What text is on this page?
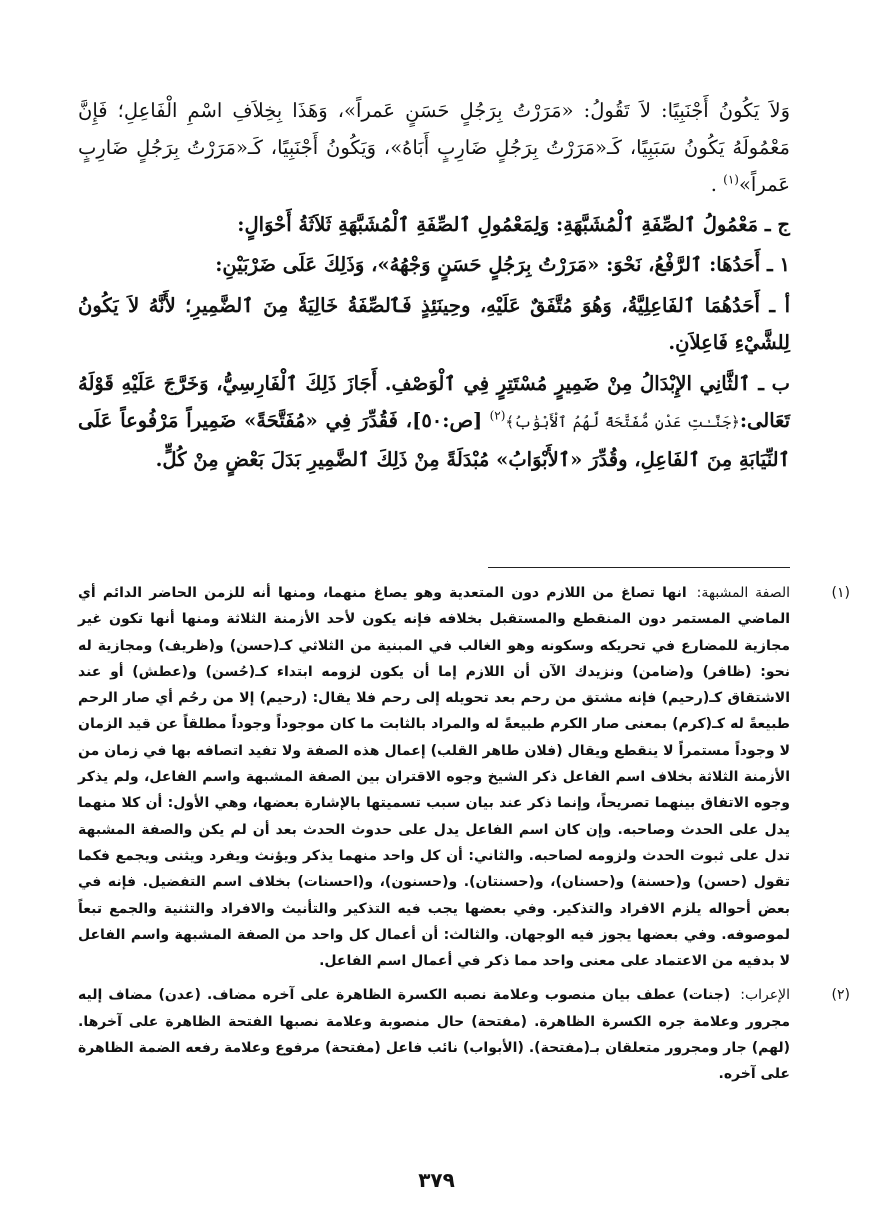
وَلاَ يَكُونُ أَجْنَبِيًا: لاَ تَقُولُ: «مَرَرْتُ بِرَجُلٍ حَسَنٍ عَمراً»، وَهَذَا بِخِلاَفِ اسْمِ الْفَاعِلِ؛ فَإِنَّ مَعْمُولَهُ يَكُونُ سَبَبِيًا، كَـ«مَرَرْتُ بِرَجُلٍ ضَارِبٍ أَبَاهُ»، وَيَكُونُ أَجْنَبِيًا، كَـ«مَرَرْتُ بِرَجُلٍ ضَارِبٍ عَمراً»$^{(١)}$ .

ج ـ مَعْمُولُ ٱلصِّفَةِ ٱلْمُشَبَّهَةِ: وَلِمَعْمُولِ ٱلصِّفَةِ ٱلْمُشَبَّهَةِ ثَلاَثَةُ أَحْوَالٍ:

١ ـ أَحَدُهَا: ٱلرَّفْعُ، نَحْوَ: «مَرَرْتُ بِرَجُلٍ حَسَنٍ وَجْهُهُ»، وَذَلِكَ عَلَى ضَرْبَيْنِ:

أ ـ أَحَدُهُمَا ٱلفَاعِلِيَّةُ، وَهُوَ مُتَّفَقٌ عَلَيْهِ، وحِينَئِذٍ فَٱلصِّفَةُ خَالِيَةٌ مِنَ ٱلضَّمِيرِ؛ لأَنَّهُ لاَ يَكُونُ لِلشَّيْءِ فَاعِلاَنِ.

ب ـ ٱلثَّانِي الإِبْدَالُ مِنْ ضَمِيرٍ مُسْتَتِرٍ فِي ٱلْوَصْفِ. أَجَازَ ذَلِكَ ٱلْفَارِسِيُّ، وَخَرَّجَ عَلَيْهِ قَوْلَهُ تَعَالى:﴿جَنَّـٰتِ عَدْنٍ مُّفَتَّحَةً لَّهُمُ ٱلْأَبْوَٰبُ﴾$^{(٢)}$ [ص:٥٠]، فَقُدِّرَ فِي «مُفَتَّحَةً» ضَمِيراً مَرْفُوعاً عَلَى ٱلنِّيَابَةِ مِنَ ٱلفَاعِلِ، وقُدِّرَ «ٱلأَبْوَابُ» مُبْدَلَةً مِنْ ذَلِكَ ٱلضَّمِيرِ بَدَلَ بَعْضٍ مِنْ كُلٍّ.

(١)
الصفة المشبهة:انها تصاغ من اللازم دون المتعدية وهو يصاغ منهما، ومنها أنه للزمن الحاضر الدائم أي الماضي المستمر دون المنقطع والمستقبل بخلافه فإنه يكون لأحد الأزمنة الثلاثة ومنها أنها تكون غير مجازية للمضارع في تحريكه وسكونه وهو الغالب في المبنية من الثلاثي كـ(حسن) و(ظريف) ومجازية له نحو: (ظافر) و(ضامن) ونزيدك الآن أن اللازم إما أن يكون لزومه ابتداء كـ(حُسن) و(عطش) أو عند الاشتقاق كـ(رحيم) فإنه مشتق من رحم بعد تحويله إلى رحم فلا يقال: (رحيم) إلا من رحُم أي صار الرحم طبيعةً له كـ(كرم) بمعنى صار الكرم طبيعةً له والمراد بالثابت ما كان موجوداً وجوداً مطلقاً عن قيد الزمان لا وجوداً مستمراً لا ينقطع ويقال (فلان طاهر القلب) إعمال هذه الصفة ولا تفيد اتصافه بها في زمان من الأزمنة الثلاثة بخلاف اسم الفاعل ذكر الشيخ وجوه الاقتران بين الصفة المشبهة واسم الفاعل، ولم يذكر وجوه الاتفاق بينهما تصريحاً، وإنما ذكر عند بيان سبب تسميتها بالإشارة بعضها، وهي الأول: أن كلا منهما يدل على الحدث وصاحبه. وإن كان اسم الفاعل يدل على حدوث الحدث بعد أن لم يكن والصفة المشبهة تدل على ثبوت الحدث ولزومه لصاحبه. والثاني: أن كل واحد منهما يذكر ويؤنث ويفرد ويثنى ويجمع فكما تقول (حسن) و(حسنة) و(حسنان)، و(حسنتان). و(حسنون)، و(احسنات) بخلاف اسم التفضيل. فإنه في بعض أحواله يلزم الافراد والتذكير. وفي بعضها يجب فيه التذكير والتأنيث والافراد والتثنية والجمع تبعاً لموصوفه. وفي بعضها يجوز فيه الوجهان. والثالث: أن أعمال كل واحد من الصفة المشبهة واسم الفاعل لا بدفيه من الاعتماد على معنى واحد مما ذكر في أعمال اسم الفاعل.
(٢)
الإعراب:(جنات) عطف بيان منصوب وعلامة نصبه الكسرة الظاهرة على آخره مضاف. (عدن) مضاف إليه مجرور وعلامة جره الكسرة الظاهرة. (مفتحة) حال منصوبة وعلامة نصبها الفتحة الظاهرة على آخرها. (لهم) جار ومجرور متعلقان بـ(مفتحة). (الأبواب) نائب فاعل (مفتحة) مرفوع وعلامة رفعه الضمة الظاهرة على آخره.
٣٧٩
